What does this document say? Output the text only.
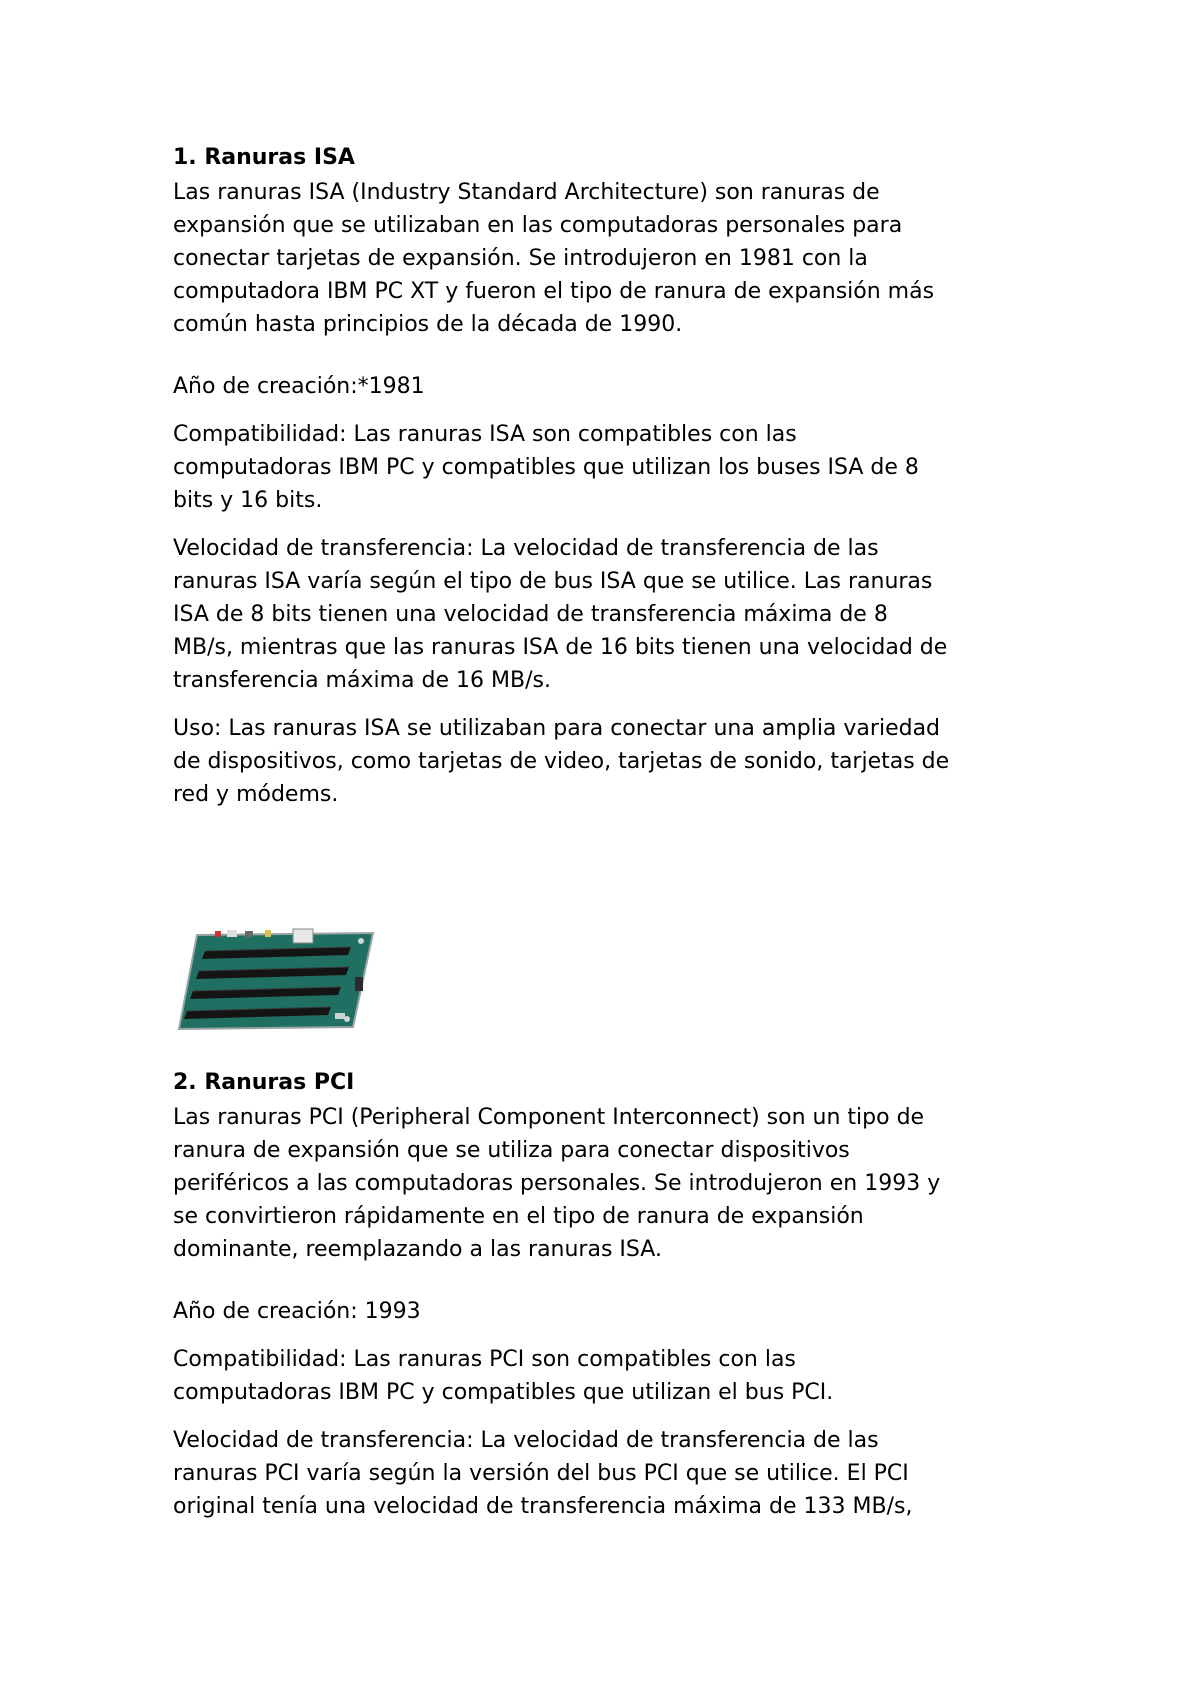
1. Ranuras ISA
Las ranuras ISA (Industry Standard Architecture) son ranuras de
expansión que se utilizaban en las computadoras personales para
conectar tarjetas de expansión. Se introdujeron en 1981 con la
computadora IBM PC XT y fueron el tipo de ranura de expansión más
común hasta principios de la década de 1990.
Año de creación:*1981
Compatibilidad: Las ranuras ISA son compatibles con las
computadoras IBM PC y compatibles que utilizan los buses ISA de 8
bits y 16 bits.
Velocidad de transferencia: La velocidad de transferencia de las
ranuras ISA varía según el tipo de bus ISA que se utilice. Las ranuras
ISA de 8 bits tienen una velocidad de transferencia máxima de 8
MB/s, mientras que las ranuras ISA de 16 bits tienen una velocidad de
transferencia máxima de 16 MB/s.
Uso: Las ranuras ISA se utilizaban para conectar una amplia variedad
de dispositivos, como tarjetas de video, tarjetas de sonido, tarjetas de
red y módems.
2. Ranuras PCI
Las ranuras PCI (Peripheral Component Interconnect) son un tipo de
ranura de expansión que se utiliza para conectar dispositivos
periféricos a las computadoras personales. Se introdujeron en 1993 y
se convirtieron rápidamente en el tipo de ranura de expansión
dominante, reemplazando a las ranuras ISA.
Año de creación: 1993
Compatibilidad: Las ranuras PCI son compatibles con las
computadoras IBM PC y compatibles que utilizan el bus PCI.
Velocidad de transferencia: La velocidad de transferencia de las
ranuras PCI varía según la versión del bus PCI que se utilice. El PCI
original tenía una velocidad de transferencia máxima de 133 MB/s,
